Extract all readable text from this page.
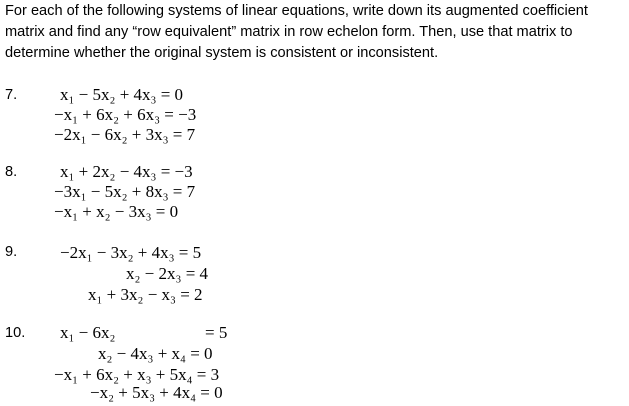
For each of the following systems of linear equations, write down its augmented coefficient
matrix and find any “row equivalent” matrix in row echelon form. Then, use that matrix to
determine whether the original system is consistent or inconsistent.
7.	x₁ − 5x₂ + 4x₃ = 0
−x₁ + 6x₂ + 6x₃ = −3
−2x₁ − 6x₂ + 3x₃ = 7
8.	x₁ + 2x₂ − 4x₃ = −3
−3x₁ − 5x₂ + 8x₃ = 7
−x₁ + x₂ − 3x₃ = 0
9.	−2x₁ − 3x₂ + 4x₃ = 5
x₂ − 2x₃ = 4
x₁ + 3x₂ − x₃ = 2
10. x₁ − 6x₂	= 5
x₂ − 4x₃ + x₄ = 0
−x₁ + 6x₂ + x₃ + 5x₄ = 3
−x₂ + 5x₃ + 4x₄ = 0
